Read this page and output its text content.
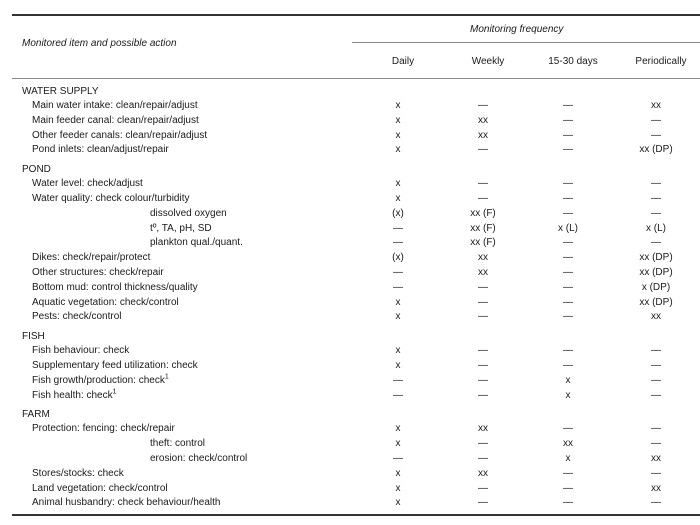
Monitored item and possible action
Monitoring frequency
Daily	Weekly	15-30 days	Periodically
WATER SUPPLY
Main water intake: clean/repair/adjust	x	—	—	xx
Main feeder canal: clean/repair/adjust	x	xx	—	—
Other feeder canals: clean/repair/adjust	x	xx	—	—
Pond inlets: clean/adjust/repair	x	—	—	xx (DP)
POND
Water level: check/adjust	x	—	—	—
Water quality: check colour/turbidity	x	—	—	—
dissolved oxygen	(x)	xx (F)	—	—
tº, TA, pH, SD	—	xx (F)	x (L)	x (L)
plankton qual./quant.	—	xx (F)	—	—
Dikes: check/repair/protect	(x)	xx	—	xx (DP)
Other structures: check/repair	—	xx	—	xx (DP)
Bottom mud: control thickness/quality	—	—	—	x (DP)
Aquatic vegetation: check/control	x	—	—	xx (DP)
Pests: check/control	x	—	—	xx
FISH
Fish behaviour: check	x	—	—	—
Supplementary feed utilization: check	x	—	—	—
Fish growth/production: check$^1$	—	—	x	—
Fish health: check$^1$	—	—	x	—
FARM
Protection: fencing: check/repair	x	xx	—	—
theft: control	x	—	xx	—
erosion: check/control	—	—	x	xx
Stores/stocks: check	x	xx	—	—
Land vegetation: check/control	x	—	—	xx
Animal husbandry: check behaviour/health	x	—	—	—
